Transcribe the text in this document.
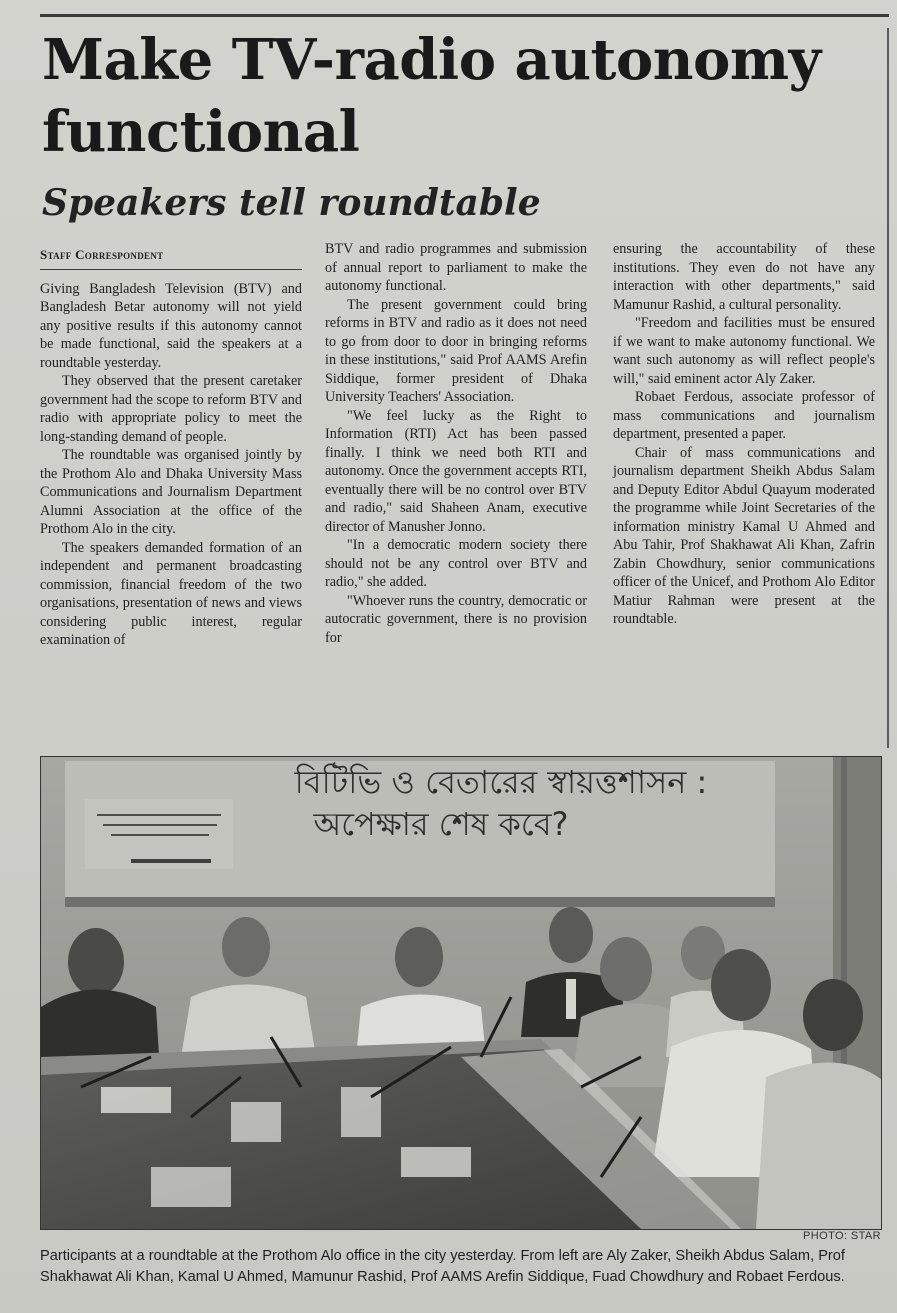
Make TV-radio autonomy functional
Speakers tell roundtable
Staff Correspondent

Giving Bangladesh Television (BTV) and Bangladesh Betar autonomy will not yield any positive results if this autonomy cannot be made functional, said the speakers at a roundtable yesterday.

They observed that the present caretaker government had the scope to reform BTV and radio with appropriate policy to meet the long-standing demand of people.

The roundtable was organised jointly by the Prothom Alo and Dhaka University Mass Communications and Journalism Department Alumni Association at the office of the Prothom Alo in the city.

The speakers demanded formation of an independent and permanent broadcasting commission, financial freedom of the two organisations, presentation of news and views considering public interest, regular examination of

BTV and radio programmes and submission of annual report to parliament to make the autonomy functional.

The present government could bring reforms in BTV and radio as it does not need to go from door to door in bringing reforms in these institutions," said Prof AAMS Arefin Siddique, former president of Dhaka University Teachers' Association.

"We feel lucky as the Right to Information (RTI) Act has been passed finally. I think we need both RTI and autonomy. Once the government accepts RTI, eventually there will be no control over BTV and radio," said Shaheen Anam, executive director of Manusher Jonno.

"In a democratic modern society there should not be any control over BTV and radio," she added.

"Whoever runs the country, democratic or autocratic government, there is no provision for

ensuring the accountability of these institutions. They even do not have any interaction with other departments," said Mamunur Rashid, a cultural personality.

"Freedom and facilities must be ensured if we want to make autonomy functional. We want such autonomy as will reflect people's will," said eminent actor Aly Zaker.

Robaet Ferdous, associate professor of mass communications and journalism department, presented a paper.

Chair of mass communications and journalism department Sheikh Abdus Salam and Deputy Editor Abdul Quayum moderated the programme while Joint Secretaries of the information ministry Kamal U Ahmed and Abu Tahir, Prof Shakhawat Ali Khan, Zafrin Zabin Chowdhury, senior communications officer of the Unicef, and Prothom Alo Editor Matiur Rahman were present at the roundtable.

বিটিভি ও বেতারের স্বায়ত্তশাসন :
অপেক্ষার শেষ কবে?
PHOTO: STAR

Participants at a roundtable at the Prothom Alo office in the city yesterday. From left are Aly Zaker, Sheikh Abdus Salam, Prof Shakhawat Ali Khan, Kamal U Ahmed, Mamunur Rashid, Prof AAMS Arefin Siddique, Fuad Chowdhury and Robaet Ferdous.
